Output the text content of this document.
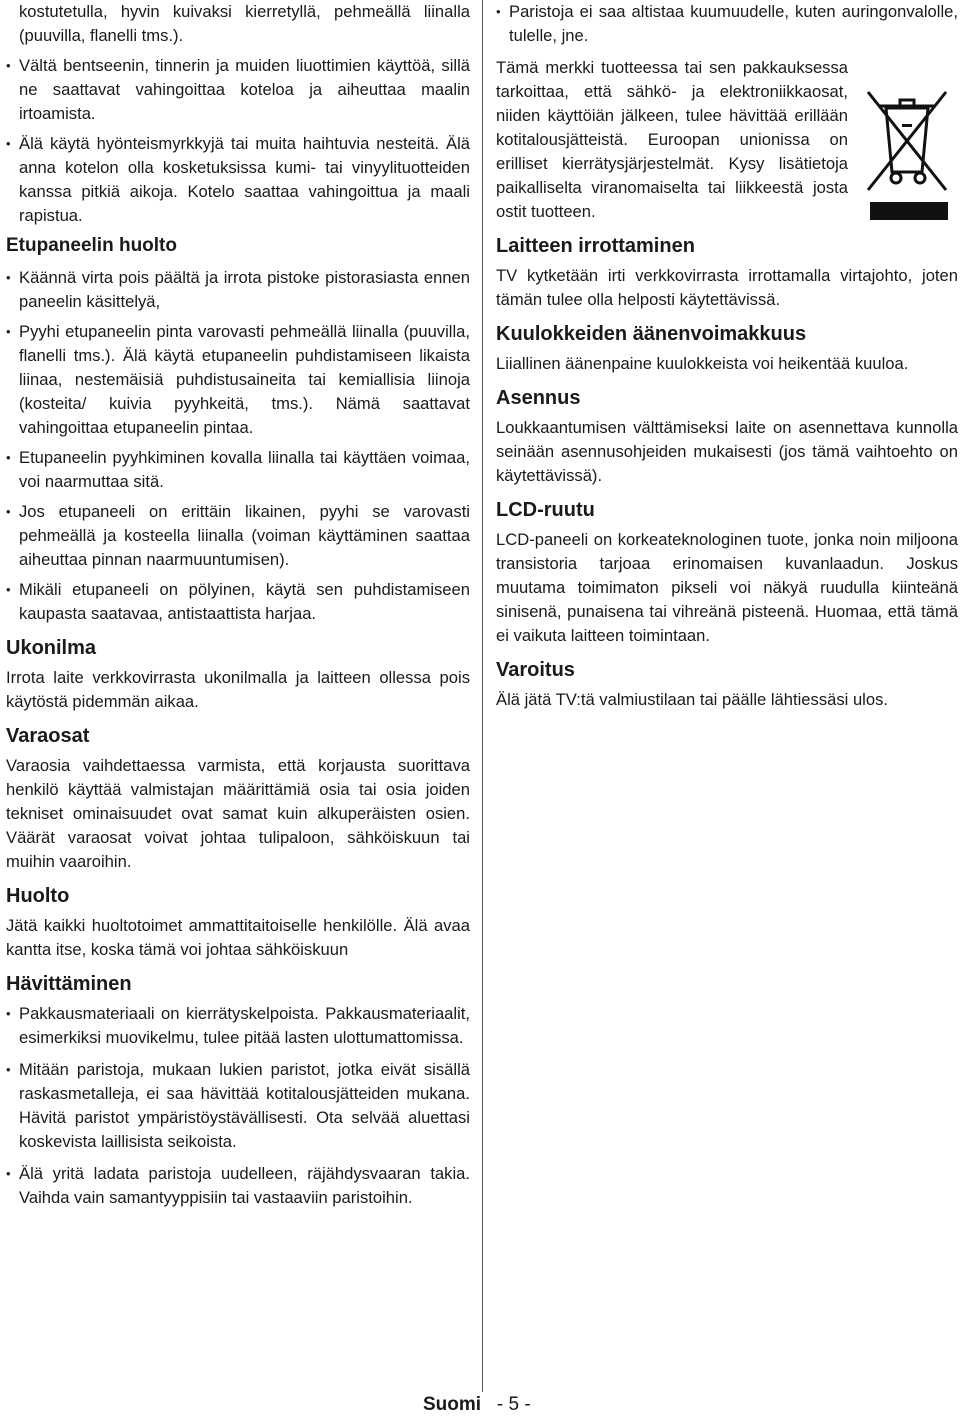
kostutetulla, hyvin kuivaksi kierretyllä, pehmeällä liinalla (puuvilla, flanelli tms.).

• Vältä bentseenin, tinnerin ja muiden liuottimien käyttöä, sillä ne saattavat vahingoittaa koteloa ja aiheuttaa maalin irtoamista.

• Älä käytä hyönteismyrkkyjä tai muita haihtuvia nesteitä. Älä anna kotelon olla kosketuksissa kumi- tai vinyylituotteiden kanssa pitkiä aikoja. Kotelo saattaa vahingoittua ja maali rapistua.

Etupaneelin huolto

• Käännä virta pois päältä ja irrota pistoke pistorasiasta ennen paneelin käsittelyä,

• Pyyhi etupaneelin pinta varovasti pehmeällä liinalla (puuvilla, flanelli tms.). Älä käytä etupaneelin puhdistamiseen likaista liinaa, nestemäisiä puhdistusaineita tai kemiallisia liinoja (kosteita/ kuivia pyyhkeitä, tms.). Nämä saattavat vahingoittaa etupaneelin pintaa.

• Etupaneelin pyyhkiminen kovalla liinalla tai käyttäen voimaa, voi naarmuttaa sitä.

• Jos etupaneeli on erittäin likainen, pyyhi se varovasti pehmeällä ja kosteella liinalla (voiman käyttäminen saattaa aiheuttaa pinnan naarmuuntumisen).

• Mikäli etupaneeli on pölyinen, käytä sen puhdistamiseen kaupasta saatavaa, antistaattista harjaa.

Ukonilma

Irrota laite verkkovirrasta ukonilmalla ja laitteen ollessa pois käytöstä pidemmän aikaa.

Varaosat

Varaosia vaihdettaessa varmista, että korjausta suorittava henkilö käyttää valmistajan määrittämiä osia tai osia joiden tekniset ominaisuudet ovat samat kuin alkuperäisten osien. Väärät varaosat voivat johtaa tulipaloon, sähköiskuun tai muihin vaaroihin.

Huolto

Jätä kaikki huoltotoimet ammattitaitoiselle henkilölle. Älä avaa kantta itse, koska tämä voi johtaa sähköiskuun

Hävittäminen

• Pakkausmateriaali on kierrätyskelpoista. Pakkausmateriaalit, esimerkiksi muovikelmu, tulee pitää lasten ulottumattomissa.

• Mitään paristoja, mukaan lukien paristot, jotka eivät sisällä raskasmetalleja, ei saa hävittää kotitalousjätteiden mukana. Hävitä paristot ympäristöystävällisesti. Ota selvää aluettasi koskevista laillisista seikoista.

• Älä yritä ladata paristoja uudelleen, räjähdysvaaran takia. Vaihda vain samantyyppisiin tai vastaaviin paristoihin.

• Paristoja ei saa altistaa kuumuudelle, kuten auringonvalolle, tulelle, jne.

Tämä merkki tuotteessa tai sen pakkauksessa tarkoittaa, että sähkö- ja elektroniikkaosat, niiden käyttöiän jälkeen, tulee hävittää erillään kotitalousjätteistä. Euroopan unionissa on erilliset kierrätysjärjestelmät. Kysy lisätietoja paikalliselta viranomaiselta tai liikkeestä josta ostit tuotteen.

Laitteen irrottaminen

TV kytketään irti verkkovirrasta irrottamalla virtajohto, joten tämän tulee olla helposti käytettävissä.

Kuulokkeiden äänenvoimakkuus

Liiallinen äänenpaine kuulokkeista voi heikentää kuuloa.

Asennus

Loukkaantumisen välttämiseksi laite on asennettava kunnolla seinään asennusohjeiden mukaisesti (jos tämä vaihtoehto on käytettävissä).

LCD-ruutu

LCD-paneeli on korkeateknologinen tuote, jonka noin miljoona transistoria tarjoaa erinomaisen kuvanlaadun. Joskus muutama toimimaton pikseli voi näkyä ruudulla kiinteänä sinisenä, punaisena tai vihreänä pisteenä. Huomaa, että tämä ei vaikuta laitteen toimintaan.

Varoitus

Älä jätä TV:tä valmiustilaan tai päälle lähtiessäsi ulos.

Suomi - 5 -
